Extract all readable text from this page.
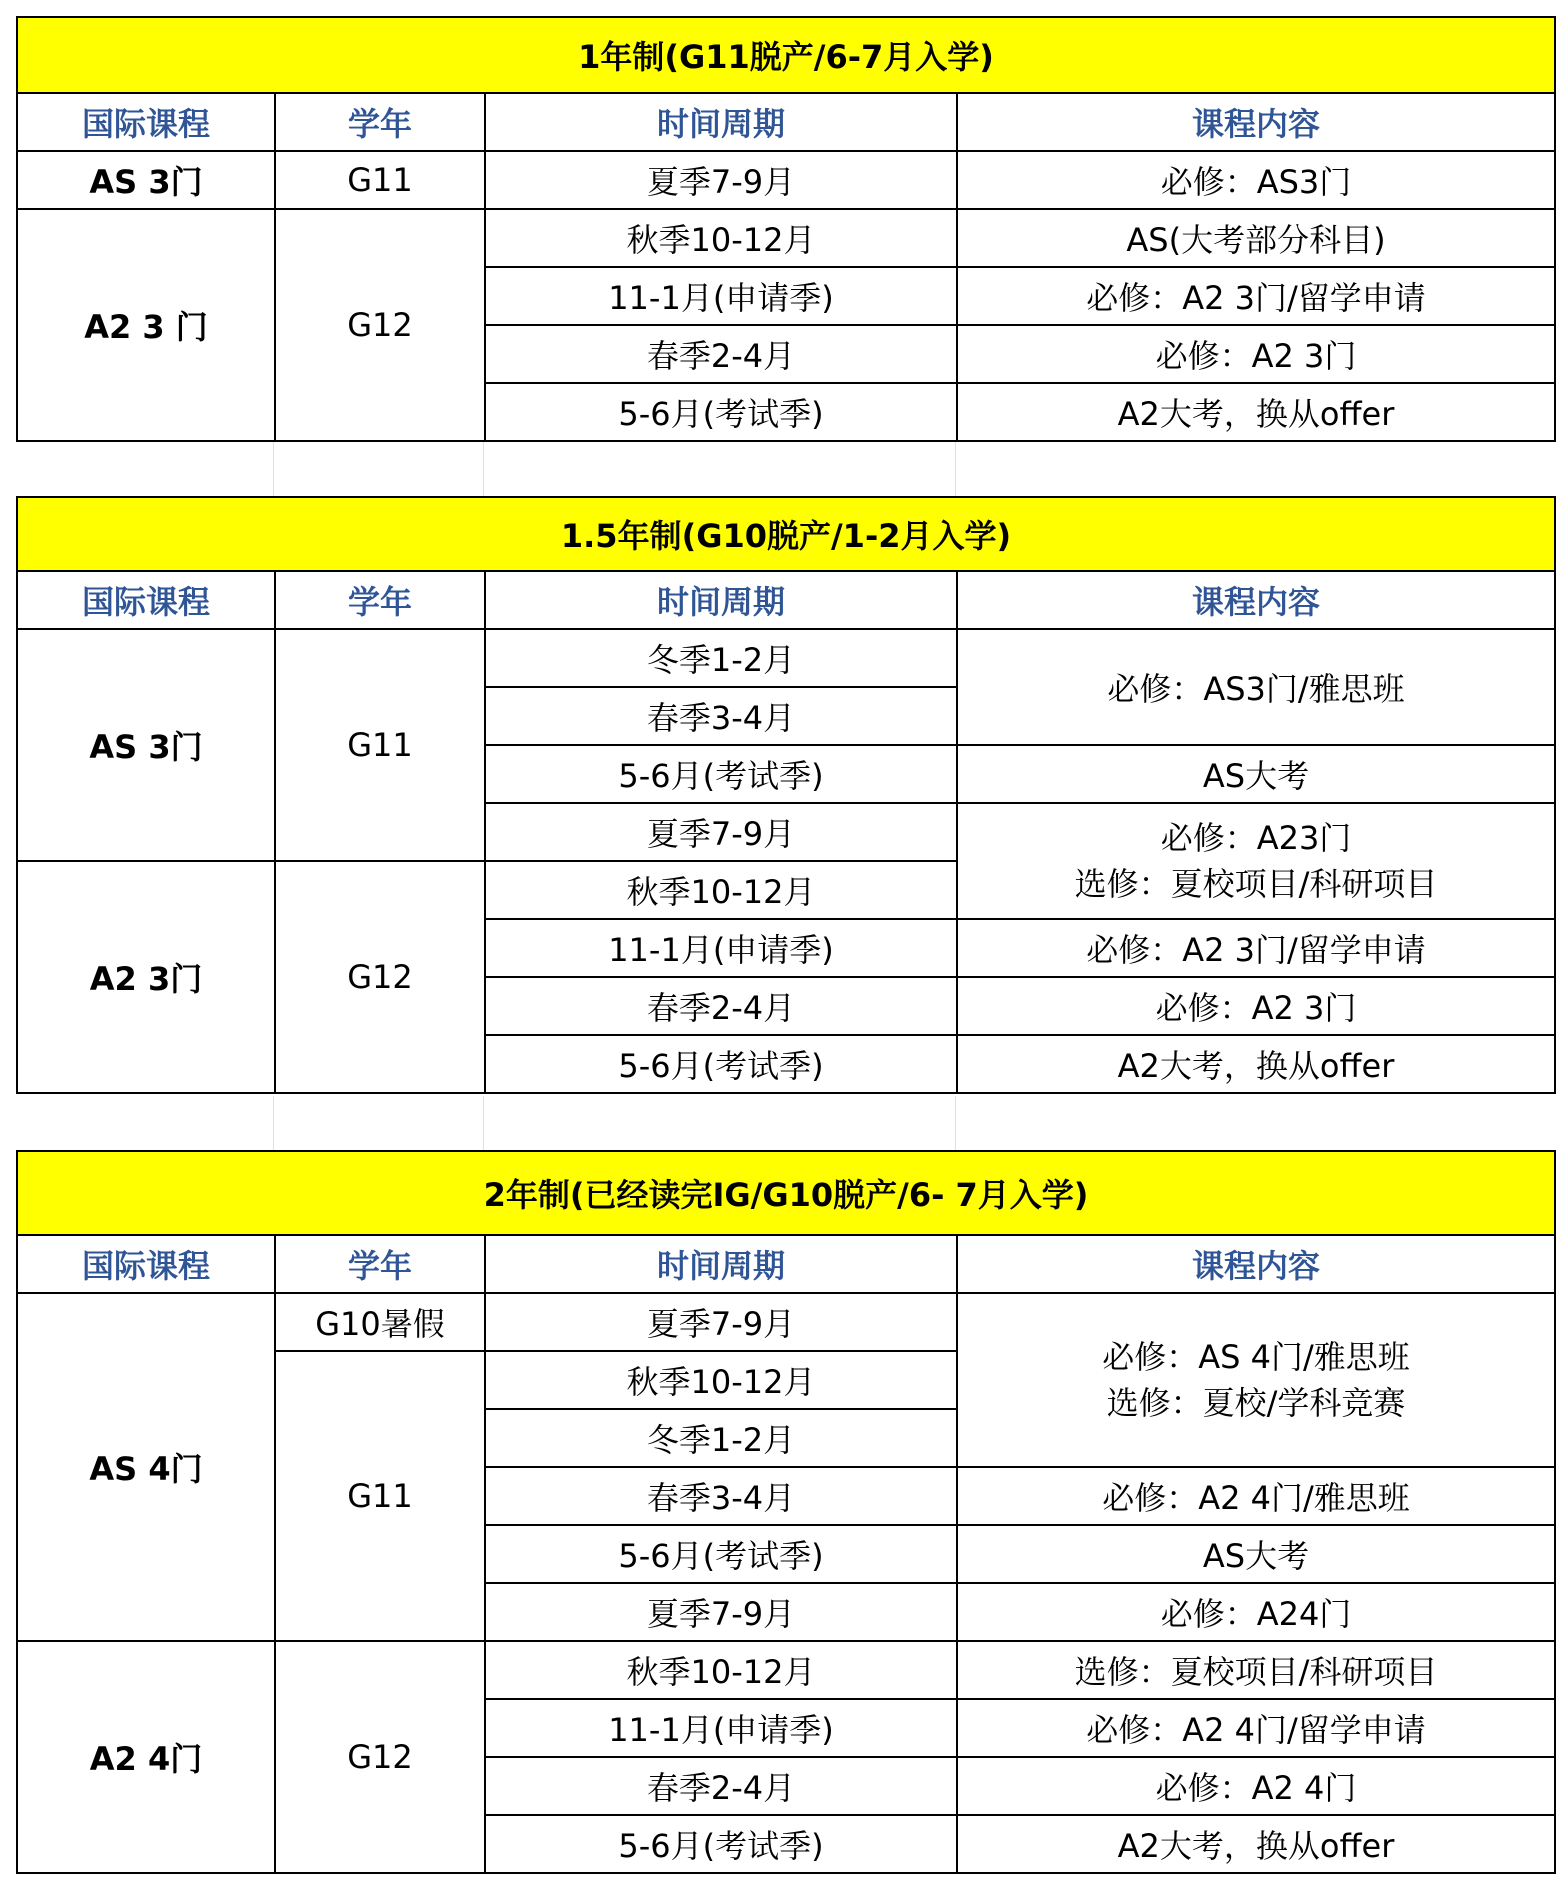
1年制(G11脱产/6-7月入学)			
国际课程	学年	时间周期	课程内容
AS 3门	G11	夏季7-9月	必修：AS3门
A2 3 门	G12	秋季10-12月	AS(大考部分科目)
		11-1月(申请季)	必修：A2 3门/留学申请
		春季2-4月	必修：A2 3门
		5-6月(考试季)	A2大考，换从offer
1.5年制(G10脱产/1-2月入学)			
国际课程	学年	时间周期	课程内容
AS 3门	G11	冬季1-2月	必修：AS3门/雅思班
		春季3-4月	
		5-6月(考试季)	AS大考
		夏季7-9月	必修：A23门
选修：夏校项目/科研项目

A2 3门	G12	秋季10-12月	
		11-1月(申请季)	必修：A2 3门/留学申请
		春季2-4月	必修：A2 3门
		5-6月(考试季)	A2大考，换从offer
2年制(已经读完IG/G10脱产/6- 7月入学)			
国际课程	学年	时间周期	课程内容
AS 4门	G10暑假	夏季7-9月	必修：AS 4门/雅思班
选修：夏校/学科竞赛

	G11	秋季10-12月	
		冬季1-2月	
		春季3-4月	必修：A2 4门/雅思班
		5-6月(考试季)	AS大考
		夏季7-9月	必修：A24门
A2 4门	G12	秋季10-12月	选修：夏校项目/科研项目
		11-1月(申请季)	必修：A2 4门/留学申请
		春季2-4月	必修：A2 4门
		5-6月(考试季)	A2大考，换从offer
